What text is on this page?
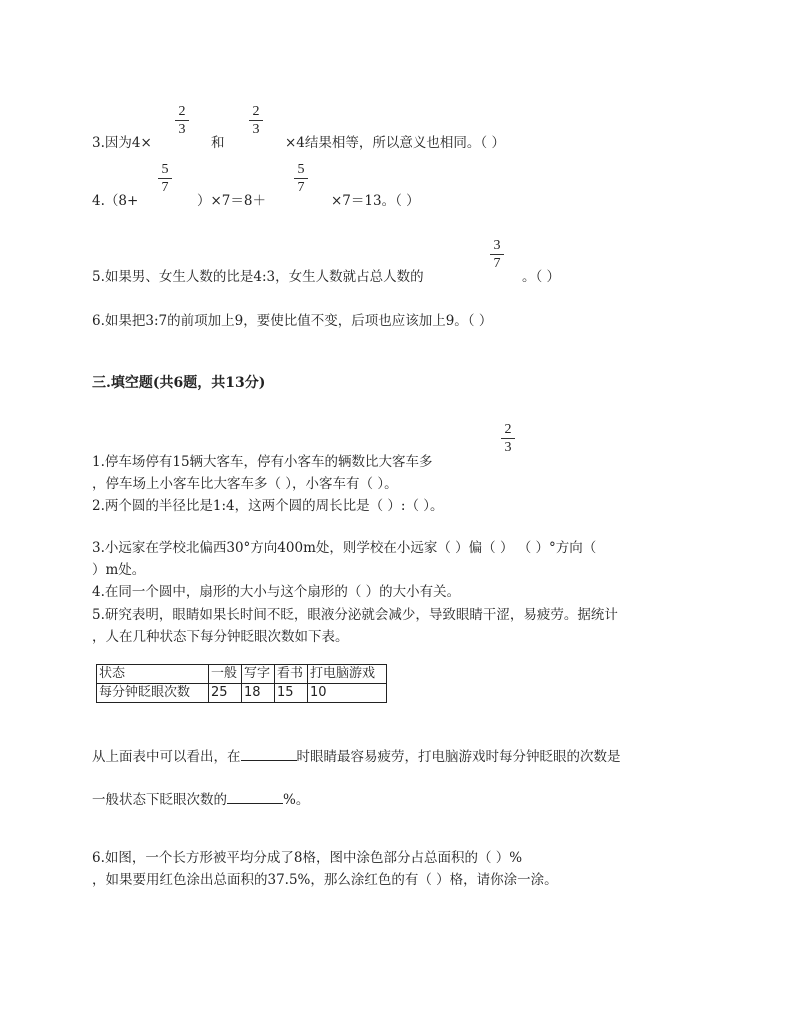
3.因为4×
2
3
和
2
3
×4结果相等，所以意义也相同。（ ）
4.（8+
5
7
）×7＝8＋
5
7
×7＝13。（ ）
5.如果男、女生人数的比是4:3，女生人数就占总人数的
3
7
。（ ）
6.如果把3:7的前项加上9，要使比值不变，后项也应该加上9。（ ）
三.填空题(共6题，共13分)
1.停车场停有15辆大客车，停有小客车的辆数比大客车多
2
3
，停车场上小客车比大客车多（ ），小客车有（ ）。
2.两个圆的半径比是1:4，这两个圆的周长比是（ ）:（ ）。
3.小远家在学校北偏西30°方向400m处，则学校在小远家（ ）偏（ ） （ ）°方向（
）m处。
4.在同一个圆中，扇形的大小与这个扇形的（ ）的大小有关。
5.研究表明，眼睛如果长时间不眨，眼液分泌就会减少，导致眼睛干涩，易疲劳。据统计
，人在几种状态下每分钟眨眼次数如下表。
状态	一般	写字	看书	打电脑游戏
每分钟眨眼次数	25	18	15	10
从上面表中可以看出，在	时眼睛最容易疲劳，打电脑游戏时每分钟眨眼的次数是
一般状态下眨眼次数的	%。
6.如图，一个长方形被平均分成了8格，图中涂色部分占总面积的（ ）%
，如果要用红色涂出总面积的37.5%，那么涂红色的有（ ）格，请你涂一涂。
